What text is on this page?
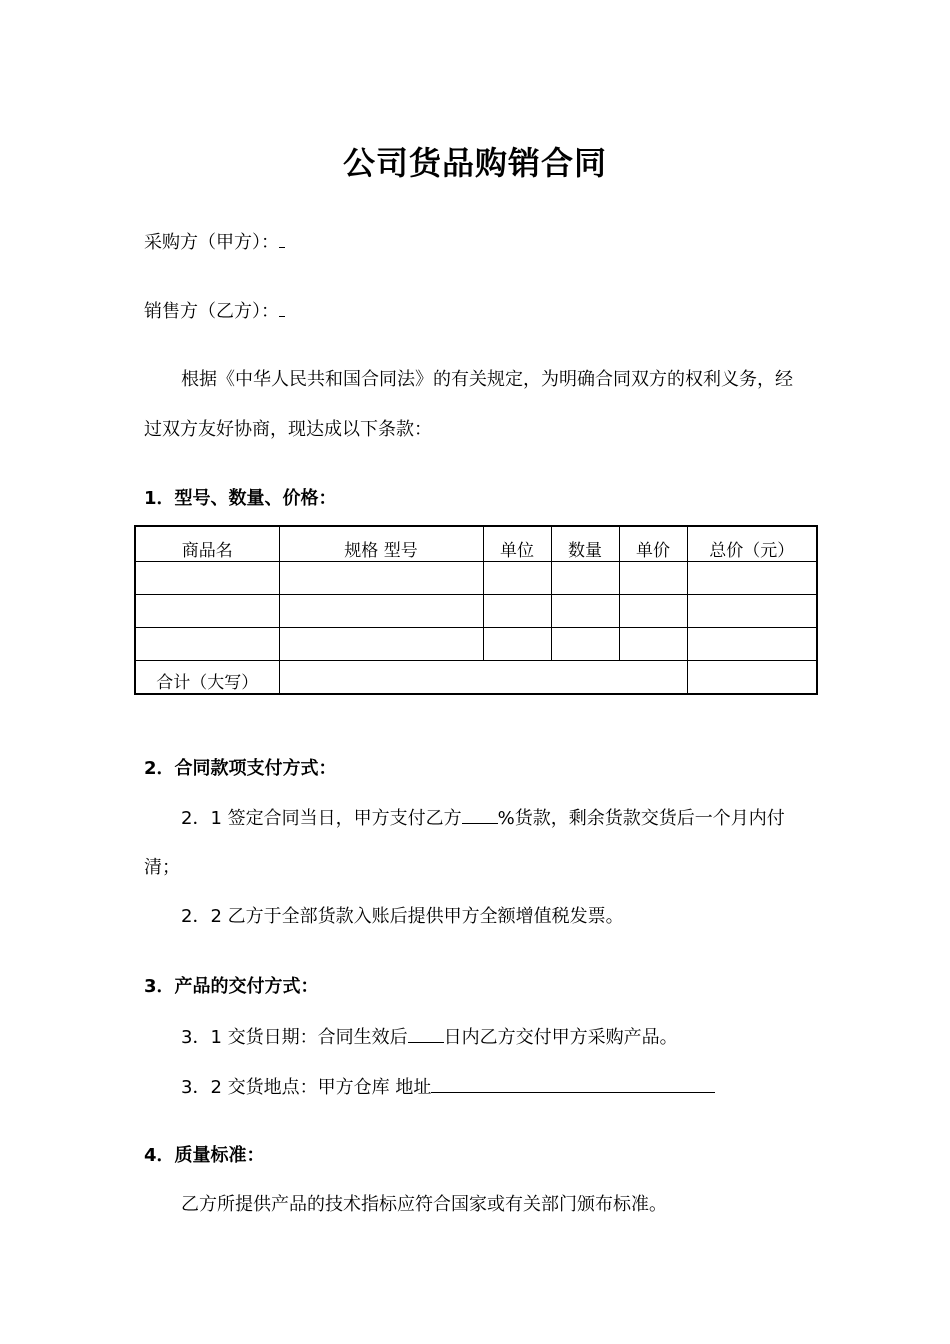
公司货品购销合同
采购方（甲方）：
销售方（乙方）：
根据《中华人民共和国合同法》的有关规定，为明确合同双方的权利义务，经
过双方友好协商，现达成以下条款：
1．型号、数量、价格：
商品名	规格 型号	单位	数量	单价	总价（元）

合计（大写）					
2．合同款项支付方式：
2．1 签定合同当日，甲方支付乙方 %货款，剩余货款交货后一个月内付
清；
2．2 乙方于全部货款入账后提供甲方全额增值税发票。
3．产品的交付方式：
3．1 交货日期：合同生效后 日内乙方交付甲方采购产品。
3．2 交货地点：甲方仓库 地址
4．质量标准：
乙方所提供产品的技术指标应符合国家或有关部门颁布标准。
